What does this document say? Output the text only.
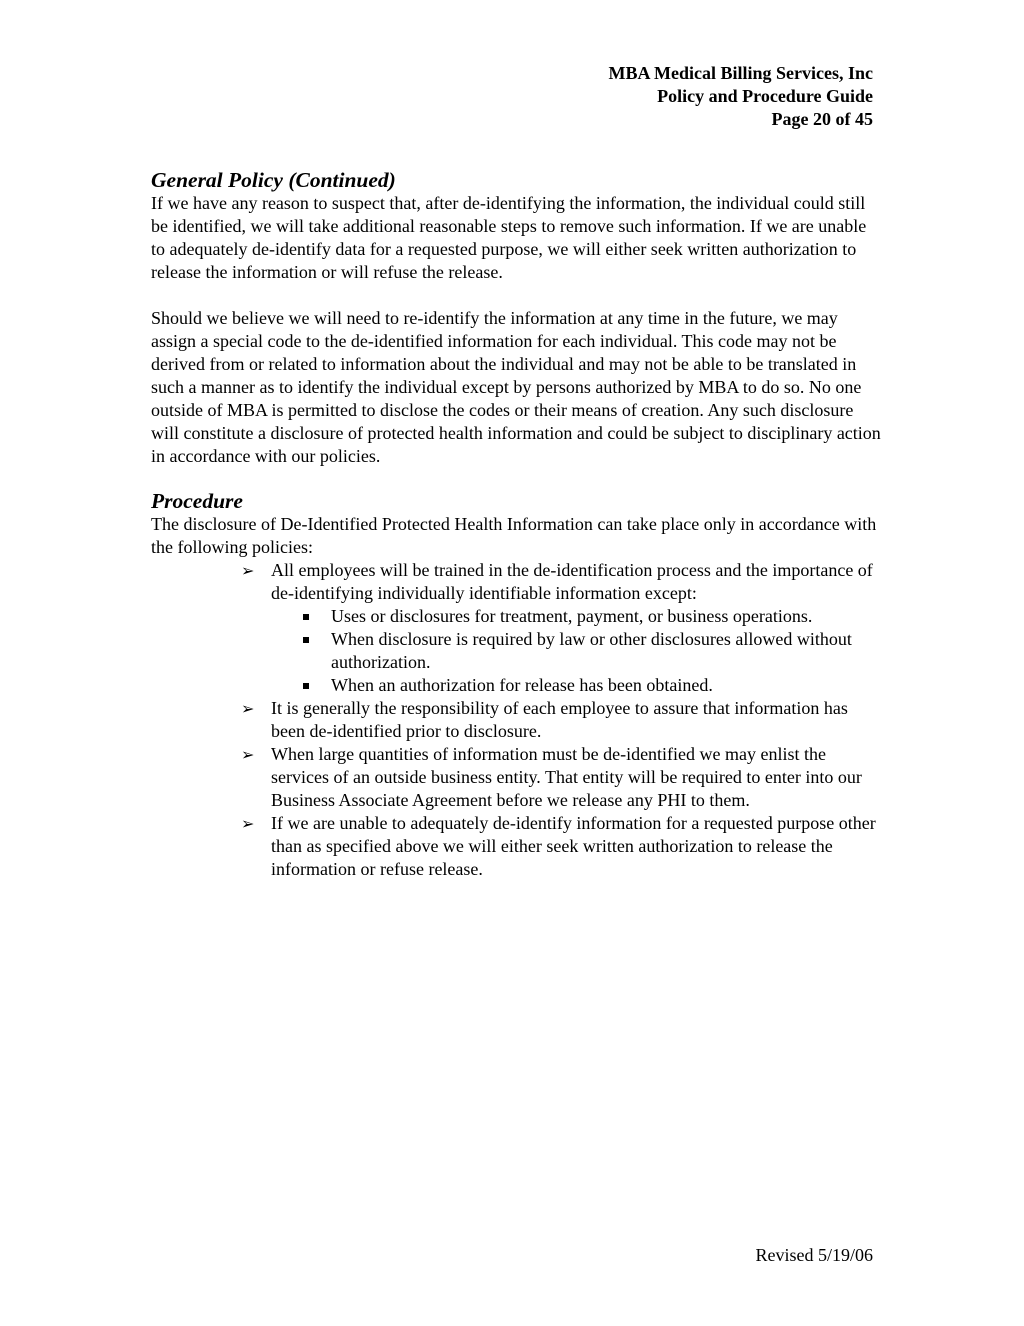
MBA Medical Billing Services, Inc
Policy and Procedure Guide
Page 20 of 45
General Policy (Continued)

If we have any reason to suspect that, after de-identifying the information, the individual could still be identified, we will take additional reasonable steps to remove such information. If we are unable to adequately de-identify data for a requested purpose, we will either seek written authorization to release the information or will refuse the release.

Should we believe we will need to re-identify the information at any time in the future, we may assign a special code to the de-identified information for each individual. This code may not be derived from or related to information about the individual and may not be able to be translated in such a manner as to identify the individual except by persons authorized by MBA to do so. No one outside of MBA is permitted to disclose the codes or their means of creation. Any such disclosure will constitute a disclosure of protected health information and could be subject to disciplinary action in accordance with our policies.

Procedure

The disclosure of De-Identified Protected Health Information can take place only in accordance with the following policies:

➢ All employees will be trained in the de-identification process and the importance of de-identifying individually identifiable information except:
Uses or disclosures for treatment, payment, or business operations.
When disclosure is required by law or other disclosures allowed without authorization.
When an authorization for release has been obtained.
➢ It is generally the responsibility of each employee to assure that information has been de-identified prior to disclosure.
➢ When large quantities of information must be de-identified we may enlist the services of an outside business entity. That entity will be required to enter into our Business Associate Agreement before we release any PHI to them.
➢ If we are unable to adequately de-identify information for a requested purpose other than as specified above we will either seek written authorization to release the information or refuse release.
Revised 5/19/06
